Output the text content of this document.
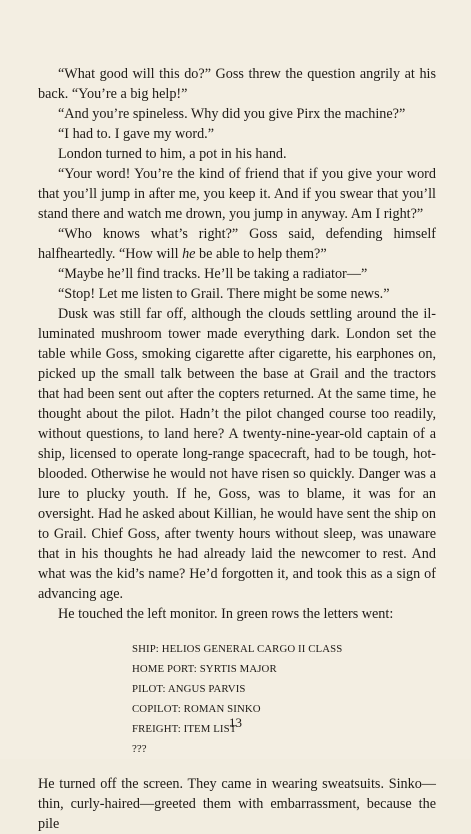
“What good will this do?” Goss threw the question angrily at his back. “You’re a big help!”

“And you’re spineless. Why did you give Pirx the machine?”

“I had to. I gave my word.”

London turned to him, a pot in his hand.

“Your word! You’re the kind of friend that if you give your word that you’ll jump in after me, you keep it. And if you swear that you’ll stand there and watch me drown, you jump in anyway. Am I right?”

“Who knows what’s right?” Goss said, defending himself halfheartedly. “How will he be able to help them?”

“Maybe he’ll find tracks. He’ll be taking a radiator—”

“Stop! Let me listen to Grail. There might be some news.”

Dusk was still far off, although the clouds settling around the illuminated mushroom tower made everything dark. London set the table while Goss, smoking cigarette after cigarette, his earphones on, picked up the small talk between the base at Grail and the tractors that had been sent out after the copters returned. At the same time, he thought about the pilot. Hadn’t the pilot changed course too readily, without questions, to land here? A twenty-nine-year-old captain of a ship, licensed to operate long-range spacecraft, had to be tough, hot-blooded. Otherwise he would not have risen so quickly. Danger was a lure to plucky youth. If he, Goss, was to blame, it was for an oversight. Had he asked about Killian, he would have sent the ship on to Grail. Chief Goss, after twenty hours without sleep, was unaware that in his thoughts he had already laid the newcomer to rest. And what was the kid’s name? He’d forgotten it, and took this as a sign of advancing age.

He touched the left monitor. In green rows the letters went:

SHIP: HELIOS GENERAL CARGO II CLASS
HOME PORT: SYRTIS MAJOR
PILOT: ANGUS PARVIS
COPILOT: ROMAN SINKO
FREIGHT: ITEM LIST
???

He turned off the screen. They came in wearing sweatsuits. Sinko— thin, curly-haired—greeted them with embarrassment, because the pile

13
